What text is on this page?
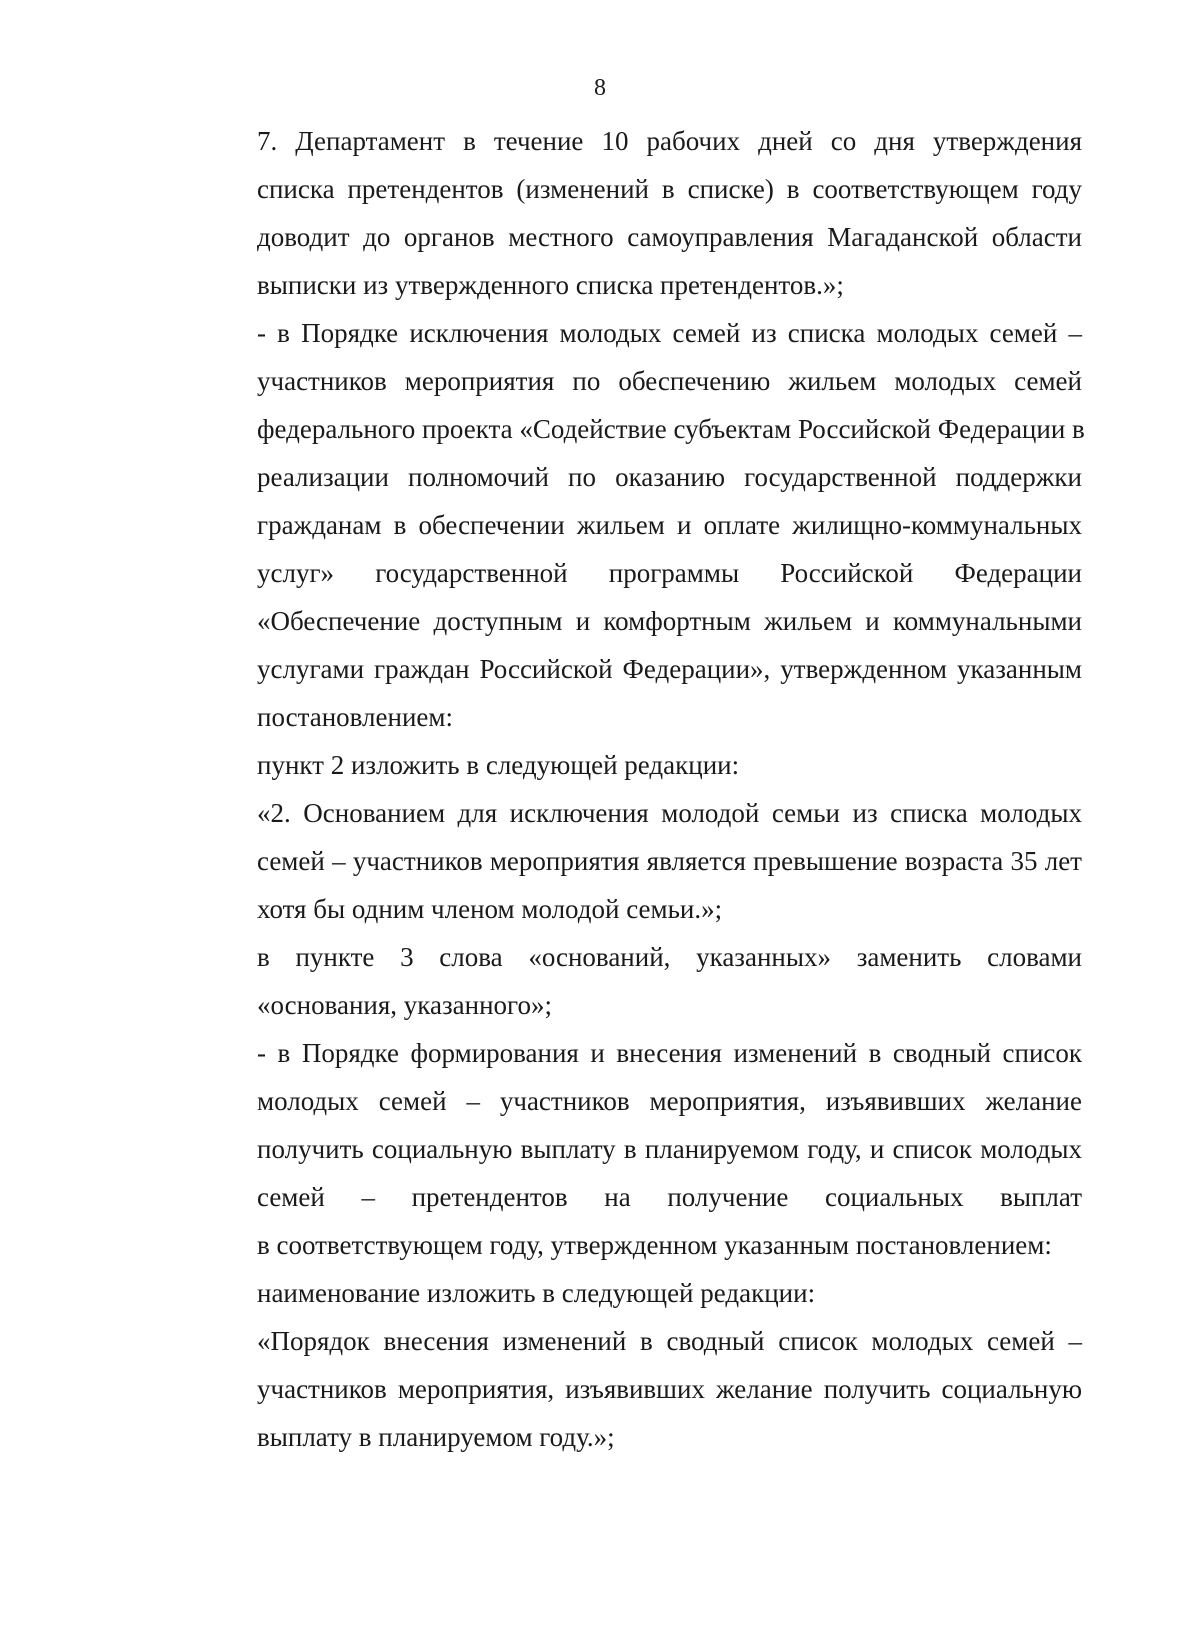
8
7. Департамент в течение 10 рабочих дней со дня утверждения
списка претендентов (изменений в списке) в соответствующем году
доводит до органов местного самоуправления Магаданской области
выписки из утвержденного списка претендентов.»;
- в Порядке исключения молодых семей из списка молодых семей –
участников мероприятия по обеспечению жильем молодых семей
федерального проекта «Содействие субъектам Российской Федерации в
реализации полномочий по оказанию государственной поддержки
гражданам в обеспечении жильем и оплате жилищно-коммунальных
услуг» государственной программы Российской Федерации
«Обеспечение доступным и комфортным жильем и коммунальными
услугами граждан Российской Федерации», утвержденном указанным
постановлением:
пункт 2 изложить в следующей редакции:
«2. Основанием для исключения молодой семьи из списка молодых
семей – участников мероприятия является превышение возраста 35 лет
хотя бы одним членом молодой семьи.»;
в пункте 3 слова «оснований, указанных» заменить словами
«основания, указанного»;
- в Порядке формирования и внесения изменений в сводный список
молодых семей – участников мероприятия, изъявивших желание
получить социальную выплату в планируемом году, и список молодых
семей – претендентов на получение социальных выплат
в соответствующем году, утвержденном указанным постановлением:
наименование изложить в следующей редакции:
«Порядок внесения изменений в сводный список молодых семей –
участников мероприятия, изъявивших желание получить социальную
выплату в планируемом году.»;
